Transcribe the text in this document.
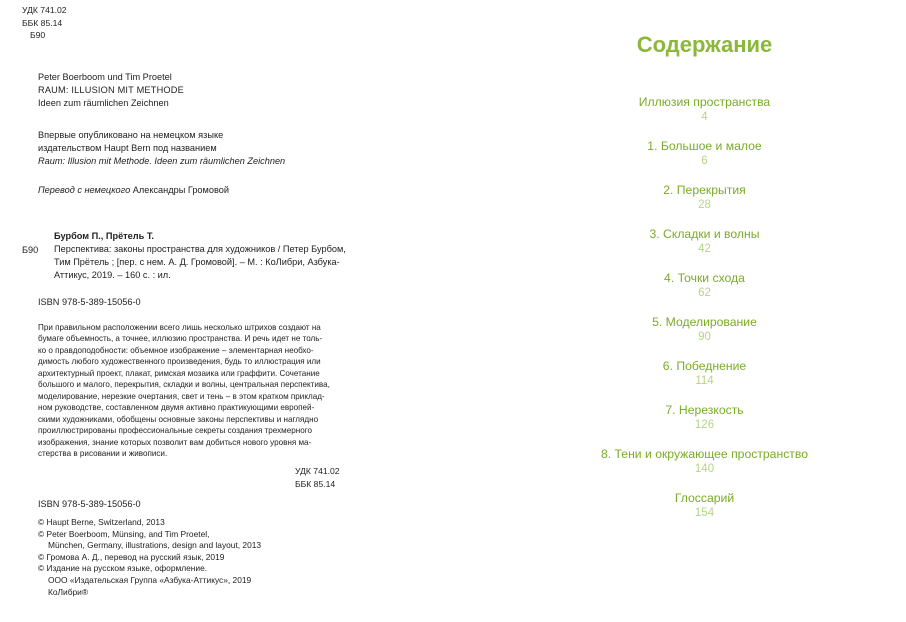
УДК 741.02
ББК 85.14
Б90
Peter Boerboom und Tim Proetel
RAUM: ILLUSION MIT METHODE
Ideen zum räumlichen Zeichnen
Впервые опубликовано на немецком языке
издательством Haupt Bern под названием
Raum: Illusion mit Methode. Ideen zum räumlichen Zeichnen
Перевод с немецкого Александры Громовой
Б90
Бурбом П., Прётель Т.
Перспектива: законы пространства для художников / Петер Бурбом,
Тим Прётель ; [пер. с нем. А. Д. Громовой]. – М. : КоЛибри, Азбука-
Аттикус, 2019. – 160 с. : ил.
ISBN 978-5-389-15056-0
При правильном расположении всего лишь несколько штрихов создают на
бумаге объемность, а точнее, иллюзию пространства. И речь идет не толь-
ко о правдоподобности: объемное изображение – элементарная необхо-
димость любого художественного произведения, будь то иллюстрация или
архитектурный проект, плакат, римская мозаика или граффити. Сочетание
большого и малого, перекрытия, складки и волны, центральная перспектива,
моделирование, нерезкие очертания, свет и тень – в этом кратком приклад-
ном руководстве, составленном двумя активно практикующими европей-
скими художниками, обобщены основные законы перспективы и наглядно
проиллюстрированы профессиональные секреты создания трехмерного
изображения, знание которых позволит вам добиться нового уровня ма-
стерства в рисовании и живописи.
УДК 741.02
ББК 85.14
ISBN 978-5-389-15056-0
© Haupt Berne, Switzerland, 2013
© Peter Boerboom, Münsing, and Tim Proetel,
München, Germany, illustrations, design and layout, 2013
© Громова А. Д., перевод на русский язык, 2019
© Издание на русском языке, оформление.
ООО «Издательская Группа «Азбука-Аттикус», 2019
КоЛибри®
Содержание
Иллюзия пространства
4
1. Большое и малое
6
2. Перекрытия
28
3. Складки и волны
42
4. Точки схода
62
5. Моделирование
90
6. Победнение
114
7. Нерезкость
126
8. Тени и окружающее пространство
140
Глоссарий
154
